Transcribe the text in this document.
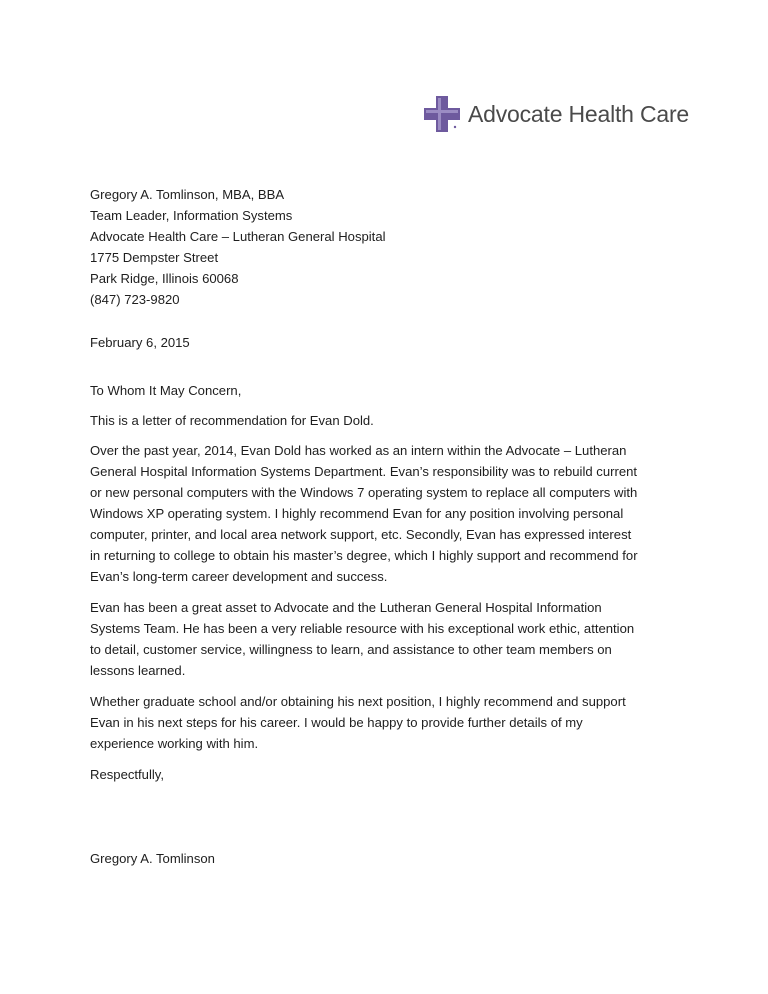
Advocate Health Care
Gregory A. Tomlinson, MBA, BBA
Team Leader, Information Systems
Advocate Health Care – Lutheran General Hospital
1775 Dempster Street
Park Ridge, Illinois 60068
(847) 723-9820
February 6, 2015
To Whom It May Concern,
This is a letter of recommendation for Evan Dold.
Over the past year, 2014, Evan Dold has worked as an intern within the Advocate – Lutheran
General Hospital Information Systems Department. Evan’s responsibility was to rebuild current
or new personal computers with the Windows 7 operating system to replace all computers with
Windows XP operating system. I highly recommend Evan for any position involving personal
computer, printer, and local area network support, etc. Secondly, Evan has expressed interest
in returning to college to obtain his master’s degree, which I highly support and recommend for
Evan’s long-term career development and success.
Evan has been a great asset to Advocate and the Lutheran General Hospital Information
Systems Team. He has been a very reliable resource with his exceptional work ethic, attention
to detail, customer service, willingness to learn, and assistance to other team members on
lessons learned.
Whether graduate school and/or obtaining his next position, I highly recommend and support
Evan in his next steps for his career. I would be happy to provide further details of my
experience working with him.
Respectfully,
Gregory A. Tomlinson
